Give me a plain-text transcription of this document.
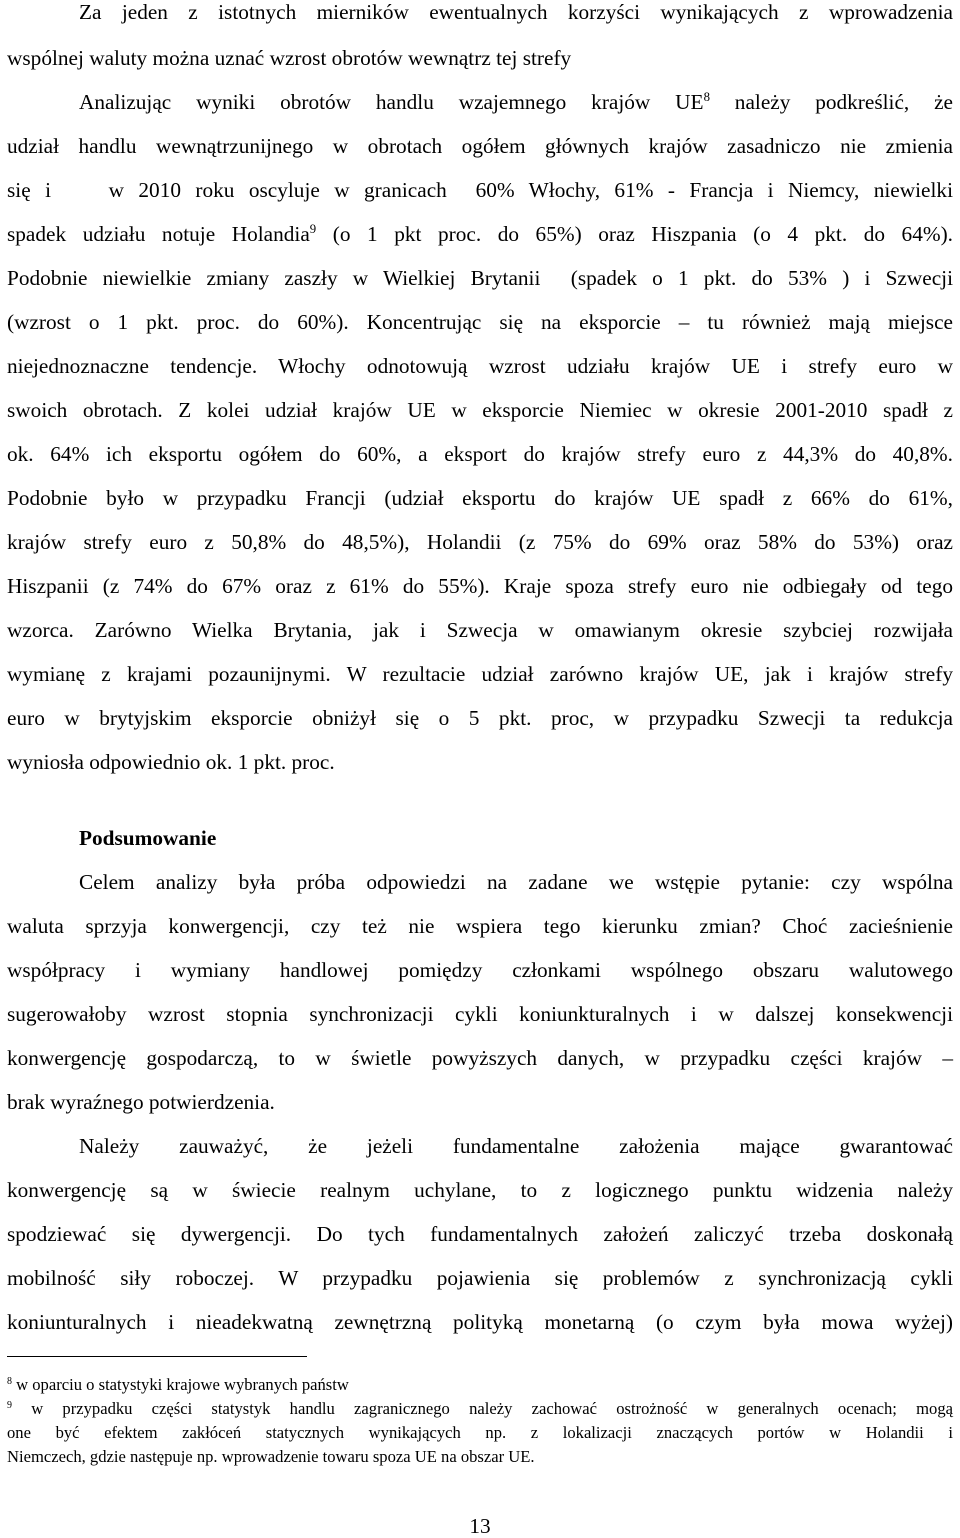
Za jeden z istotnych mierników ewentualnych korzyści wynikających z wprowadzenia
wspólnej waluty można uznać wzrost obrotów wewnątrz tej strefy
Analizując wyniki obrotów handlu wzajemnego krajów $UE^8$ należy podkreślić, że
udział handlu wewnątrzunijnego w obrotach ogółem głównych krajów zasadniczo nie zmienia
się i    w 2010 roku oscyluje w granicach  60% Włochy, 61% - Francja i Niemcy, niewielki
spadek udziału notuje Holandia$^9$ (o 1 pkt proc. do 65%) oraz Hiszpania (o 4 pkt. do 64%).
Podobnie niewielkie zmiany zaszły w Wielkiej Brytanii  (spadek o 1 pkt. do 53% ) i Szwecji
(wzrost o 1 pkt. proc. do 60%). Koncentrując się na eksporcie – tu również mają miejsce
niejednoznaczne tendencje. Włochy odnotowują wzrost udziału krajów UE i strefy euro w
swoich obrotach. Z kolei udział krajów UE w eksporcie Niemiec w okresie 2001-2010 spadł z
ok. 64% ich eksportu ogółem do 60%, a eksport do krajów strefy euro z 44,3% do 40,8%.
Podobnie było w przypadku Francji (udział eksportu do krajów UE spadł z 66% do 61%,
krajów strefy euro z 50,8% do 48,5%), Holandii (z 75% do 69% oraz 58% do 53%) oraz
Hiszpanii (z 74% do 67% oraz z 61% do 55%). Kraje spoza strefy euro nie odbiegały od tego
wzorca. Zarówno Wielka Brytania, jak i Szwecja w omawianym okresie szybciej rozwijała
wymianę z krajami pozaunijnymi. W rezultacie udział zarówno krajów UE, jak i krajów strefy
euro w brytyjskim eksporcie obniżył się o 5 pkt. proc, w przypadku Szwecji ta redukcja
wyniosła odpowiednio ok. 1 pkt. proc.
Podsumowanie
Celem analizy była próba odpowiedzi na zadane we wstępie pytanie: czy wspólna
waluta sprzyja konwergencji, czy też nie wspiera tego kierunku zmian? Choć zacieśnienie
współpracy i wymiany handlowej pomiędzy członkami wspólnego obszaru walutowego
sugerowałoby wzrost stopnia synchronizacji cykli koniunkturalnych i w dalszej konsekwencji
konwergencję gospodarczą, to w świetle powyższych danych, w przypadku części krajów –
brak wyraźnego potwierdzenia.
Należy zauważyć, że jeżeli fundamentalne założenia mające gwarantować
konwergencję są w świecie realnym uchylane, to z logicznego punktu widzenia należy
spodziewać się dywergencji. Do tych fundamentalnych założeń zaliczyć trzeba doskonałą
mobilność siły roboczej. W przypadku pojawienia się problemów z synchronizacją cykli
koniunturalnych i nieadekwatną zewnętrzną polityką monetarną (o czym była mowa wyżej)
$^8$ w oparciu o statystyki krajowe wybranych państw
$^9$ w przypadku części statystyk handlu zagranicznego należy zachować ostrożność w generalnych ocenach; mogą
one być efektem zakłóceń statycznych wynikających np. z lokalizacji znaczących portów w Holandii i
Niemczech, gdzie następuje np. wprowadzenie towaru spoza UE na obszar UE.
13
